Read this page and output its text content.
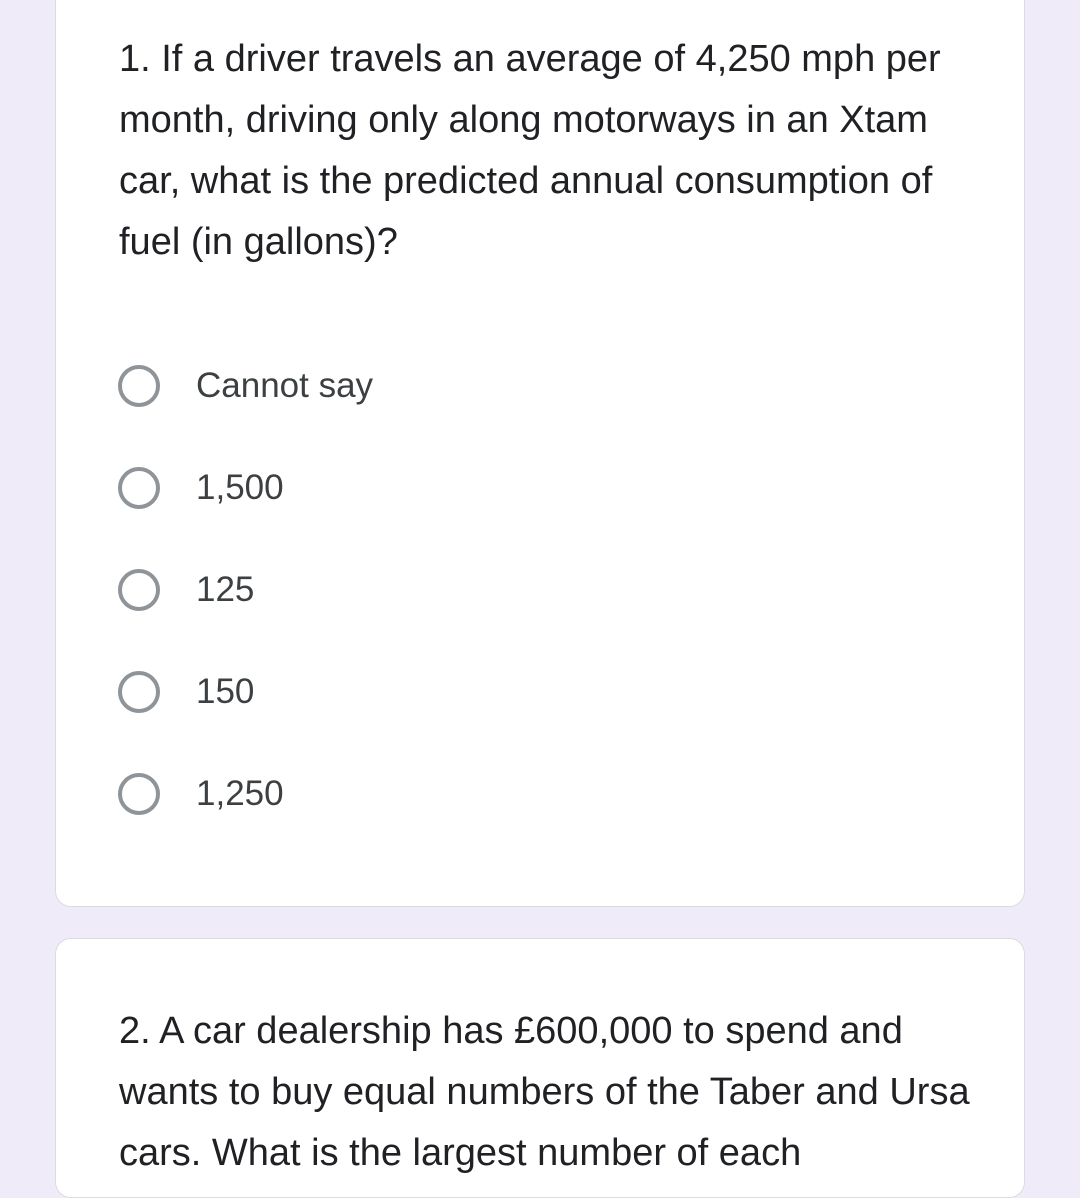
1. If a driver travels an average of 4,250 mph per month, driving only along motorways in an Xtam car, what is the predicted annual consumption of fuel (in gallons)?

Cannot say
1,500
125
150
1,250

2. A car dealership has £600,000 to spend and wants to buy equal numbers of the Taber and Ursa cars. What is the largest number of each
